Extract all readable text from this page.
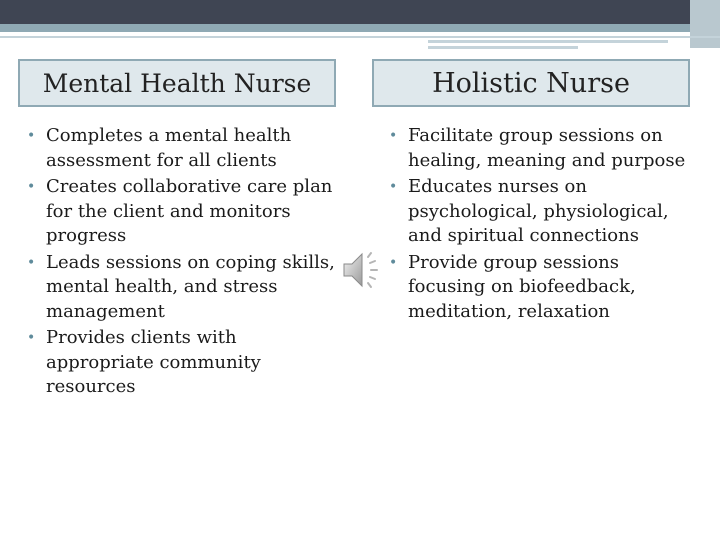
Mental Health Nurse	Holistic Nurse
• Completes a mental health assessment for all clients
• Creates collaborative care plan for the client and monitors progress
• Leads sessions on coping skills, mental health, and stress management
• Provides clients with appropriate community resources
• Facilitate group sessions on healing, meaning and purpose
• Educates nurses on psychological, physiological, and spiritual connections
• Provide group sessions focusing on biofeedback, meditation, relaxation
